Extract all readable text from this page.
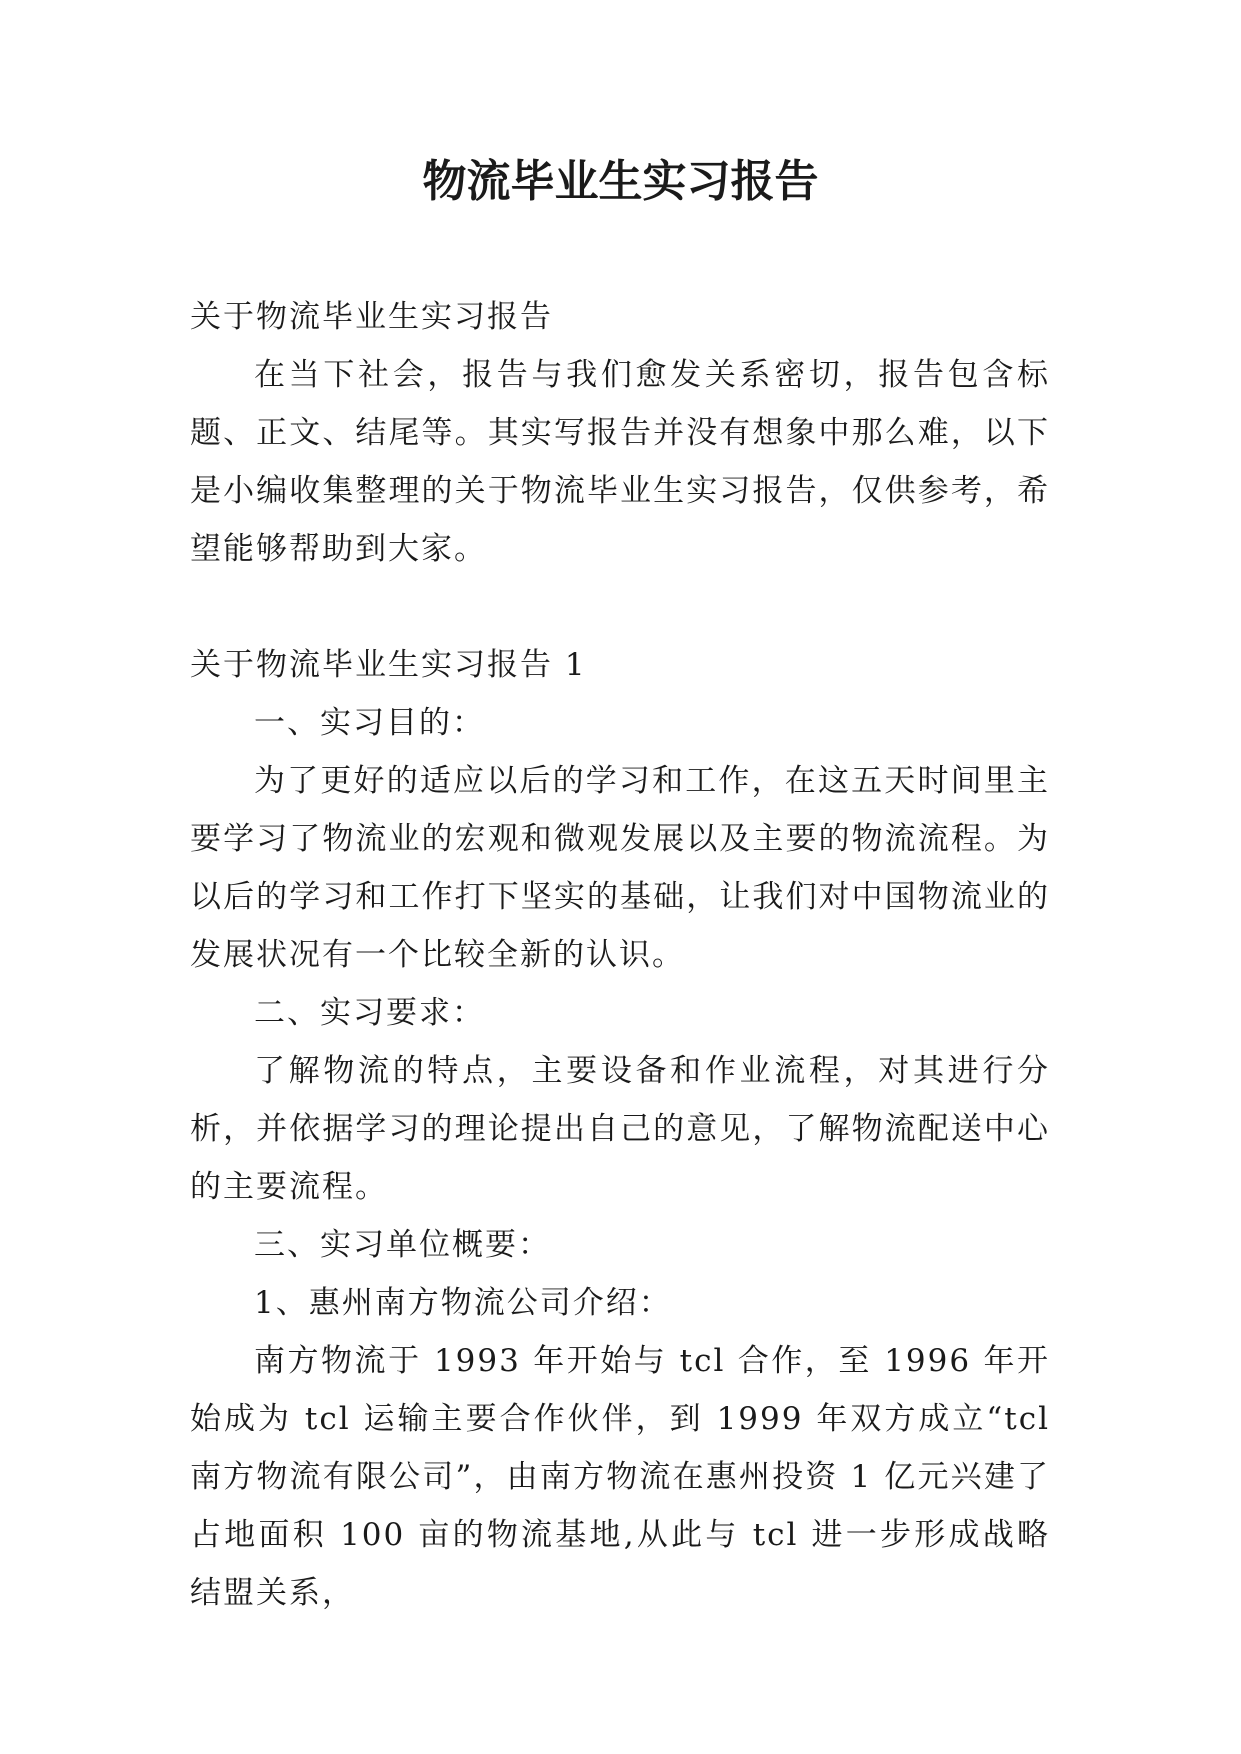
物流毕业生实习报告

关于物流毕业生实习报告

在当下社会，报告与我们愈发关系密切，报告包含标题、正文、结尾等。其实写报告并没有想象中那么难，以下是小编收集整理的关于物流毕业生实习报告，仅供参考，希望能够帮助到大家。

关于物流毕业生实习报告 1

一、实习目的：

为了更好的适应以后的学习和工作，在这五天时间里主要学习了物流业的宏观和微观发展以及主要的物流流程。为以后的学习和工作打下坚实的基础，让我们对中国物流业的发展状况有一个比较全新的认识。

二、实习要求：

了解物流的特点，主要设备和作业流程，对其进行分析，并依据学习的理论提出自己的意见，了解物流配送中心的主要流程。

三、实习单位概要：

1、惠州南方物流公司介绍：

南方物流于 1993 年开始与 tcl 合作，至 1996 年开始成为 tcl 运输主要合作伙伴，到 1999 年双方成立“tcl 南方物流有限公司”，由南方物流在惠州投资 1 亿元兴建了占地面积 100 亩的物流基地,从此与 tcl 进一步形成战略结盟关系，
